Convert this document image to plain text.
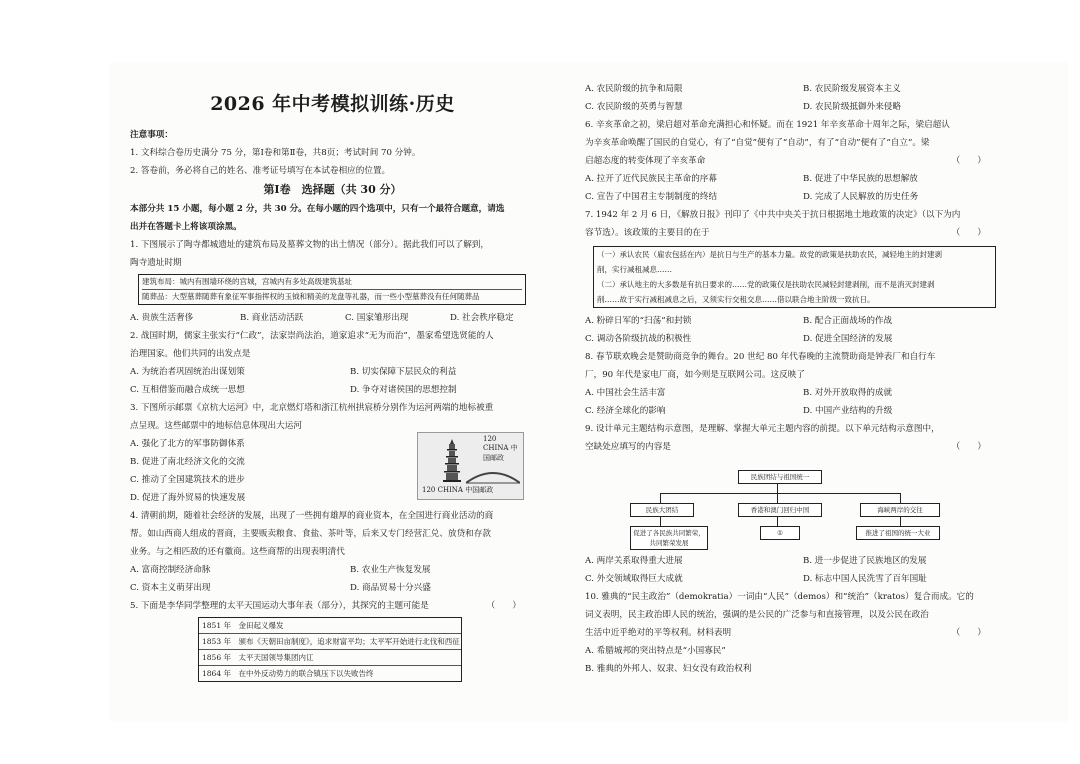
2026 年中考模拟训练·历史
注意事项：
1. 文科综合卷历史满分 75 分，第Ⅰ卷和第Ⅱ卷，共8页；考试时间 70 分钟。
2. 答卷前，务必将自己的姓名、准考证号填写在本试卷相应的位置。
第Ⅰ卷　选择题（共 30 分）
本部分共 15 小题，每小题 2 分，共 30 分。在每小题的四个选项中，只有一个最符合题意，请选
出并在答题卡上将该项涂黑。
1. 下图展示了陶寺都城遗址的建筑布局及墓葬文物的出土情况（部分）。据此我们可以了解到，
陶寺遗址时期
建筑布局：城内有围墙环绕的宫城，宫城内有多处高级建筑基址
随葬品：大型墓葬随葬有象征军事指挥权的玉钺和精美的龙盘等礼器，而一些小型墓葬没有任何随葬品
A. 贵族生活奢侈	B. 商业活动活跃	C. 国家雏形出现	D. 社会秩序稳定
2. 战国时期，儒家主张实行“仁政”，法家崇尚法治，道家追求“无为而治”，墨家希望选贤能的人
治理国家。他们共同的出发点是
A. 为统治者巩固统治出谋划策	B. 切实保障下层民众的利益
C. 互相借鉴而融合成统一思想	D. 争夺对诸侯国的思想控制
3. 下图所示邮票《京杭大运河》中，北京燃灯塔和浙江杭州拱宸桥分别作为运河两端的地标被重
点呈现。这些邮票中的地标信息体现出大运河
A. 强化了北方的军事防御体系
B. 促进了南北经济文化的交流
C. 推动了全国建筑技术的进步
D. 促进了海外贸易的快速发展
4. 清朝前期，随着社会经济的发展，出现了一些拥有雄厚的商业资本，在全国进行商业活动的商
帮。如山西商人组成的晋商，主要贩卖粮食、食盐、茶叶等，后来又专门经营汇兑、放贷和存款
业务。与之相匹敌的还有徽商。这些商帮的出现表明清代
A. 富商控制经济命脉	B. 农业生产恢复发展
C. 资本主义萌芽出现	D. 商品贸易十分兴盛
5. 下面是李华同学整理的太平天国运动大事年表（部分），其探究的主题可能是	（　　）
1851 年　金田起义爆发
1853 年　颁布《天朝田亩制度》，追求财富平均；太平军开始进行北伐和西征
1856 年　太平天国领导集团内讧
1864 年　在中外反动势力的联合镇压下以失败告终
120 CHINA 中国邮政
120 CHINA 中国邮政
A. 农民阶级的抗争和局限	B. 农民阶级发展资本主义
C. 农民阶级的英勇与智慧	D. 农民阶级抵御外来侵略
6. 辛亥革命之初，梁启超对革命充满担心和怀疑。而在 1921 年辛亥革命十周年之际，梁启超认
为辛亥革命唤醒了国民的自觉心，有了“自觉”便有了“自动”，有了“自动”便有了“自立”。梁
启超态度的转变体现了辛亥革命	（　　）
A. 拉开了近代民族民主革命的序幕	B. 促进了中华民族的思想解放
C. 宣告了中国君主专制制度的终结	D. 完成了人民解放的历史任务
7. 1942 年 2 月 6 日，《解放日报》刊印了《中共中央关于抗日根据地土地政策的决定》（以下为内
容节选）。该政策的主要目的在于	（　　）
（一）承认农民（雇农包括在内）是抗日与生产的基本力量。故党的政策是扶助农民，减轻地主的封建剥
削，实行减租减息……
（二）承认地主的大多数是有抗日要求的……党的政策仅是扶助农民减轻封建剥削，而不是消灭封建剥
削……故于实行减租减息之后，又须实行交租交息……借以联合地主阶级一致抗日。
A. 粉碎日军的“扫荡”和封锁	B. 配合正面战场的作战
C. 调动各阶级抗战的积极性	D. 促进全国经济的发展
8. 春节联欢晚会是赞助商竞争的舞台。20 世纪 80 年代春晚的主流赞助商是钟表厂和自行车
厂，90 年代是家电厂商，如今则是互联网公司。这反映了
A. 中国社会生活丰富	B. 对外开放取得的成就
C. 经济全球化的影响	D. 中国产业结构的升级
9. 设计单元主题结构示意图，是理解、掌握大单元主题内容的前提。以下单元结构示意图中，
空缺处应填写的内容是	（　　）
A. 两岸关系取得重大进展	B. 进一步促进了民族地区的发展
C. 外交领域取得巨大成就	D. 标志中国人民洗雪了百年国耻
10. 雅典的“民主政治”（demokratia）一词由“人民”（demos）和“统治”（kratos）复合而成。它的
词义表明，民主政治即人民的统治，强调的是公民的广泛参与和直接管理，以及公民在政治
生活中近乎绝对的平等权利。材料表明	（　　）
A. 希腊城邦的突出特点是“小国寡民”
B. 雅典的外邦人、奴隶、妇女没有政治权利
民族团结与祖国统一
民族大团结	香港和澳门回归中国	海峡两岸的交往
促进了各民族共同繁荣，共同繁荣发展
①	推进了祖国的统一大业
